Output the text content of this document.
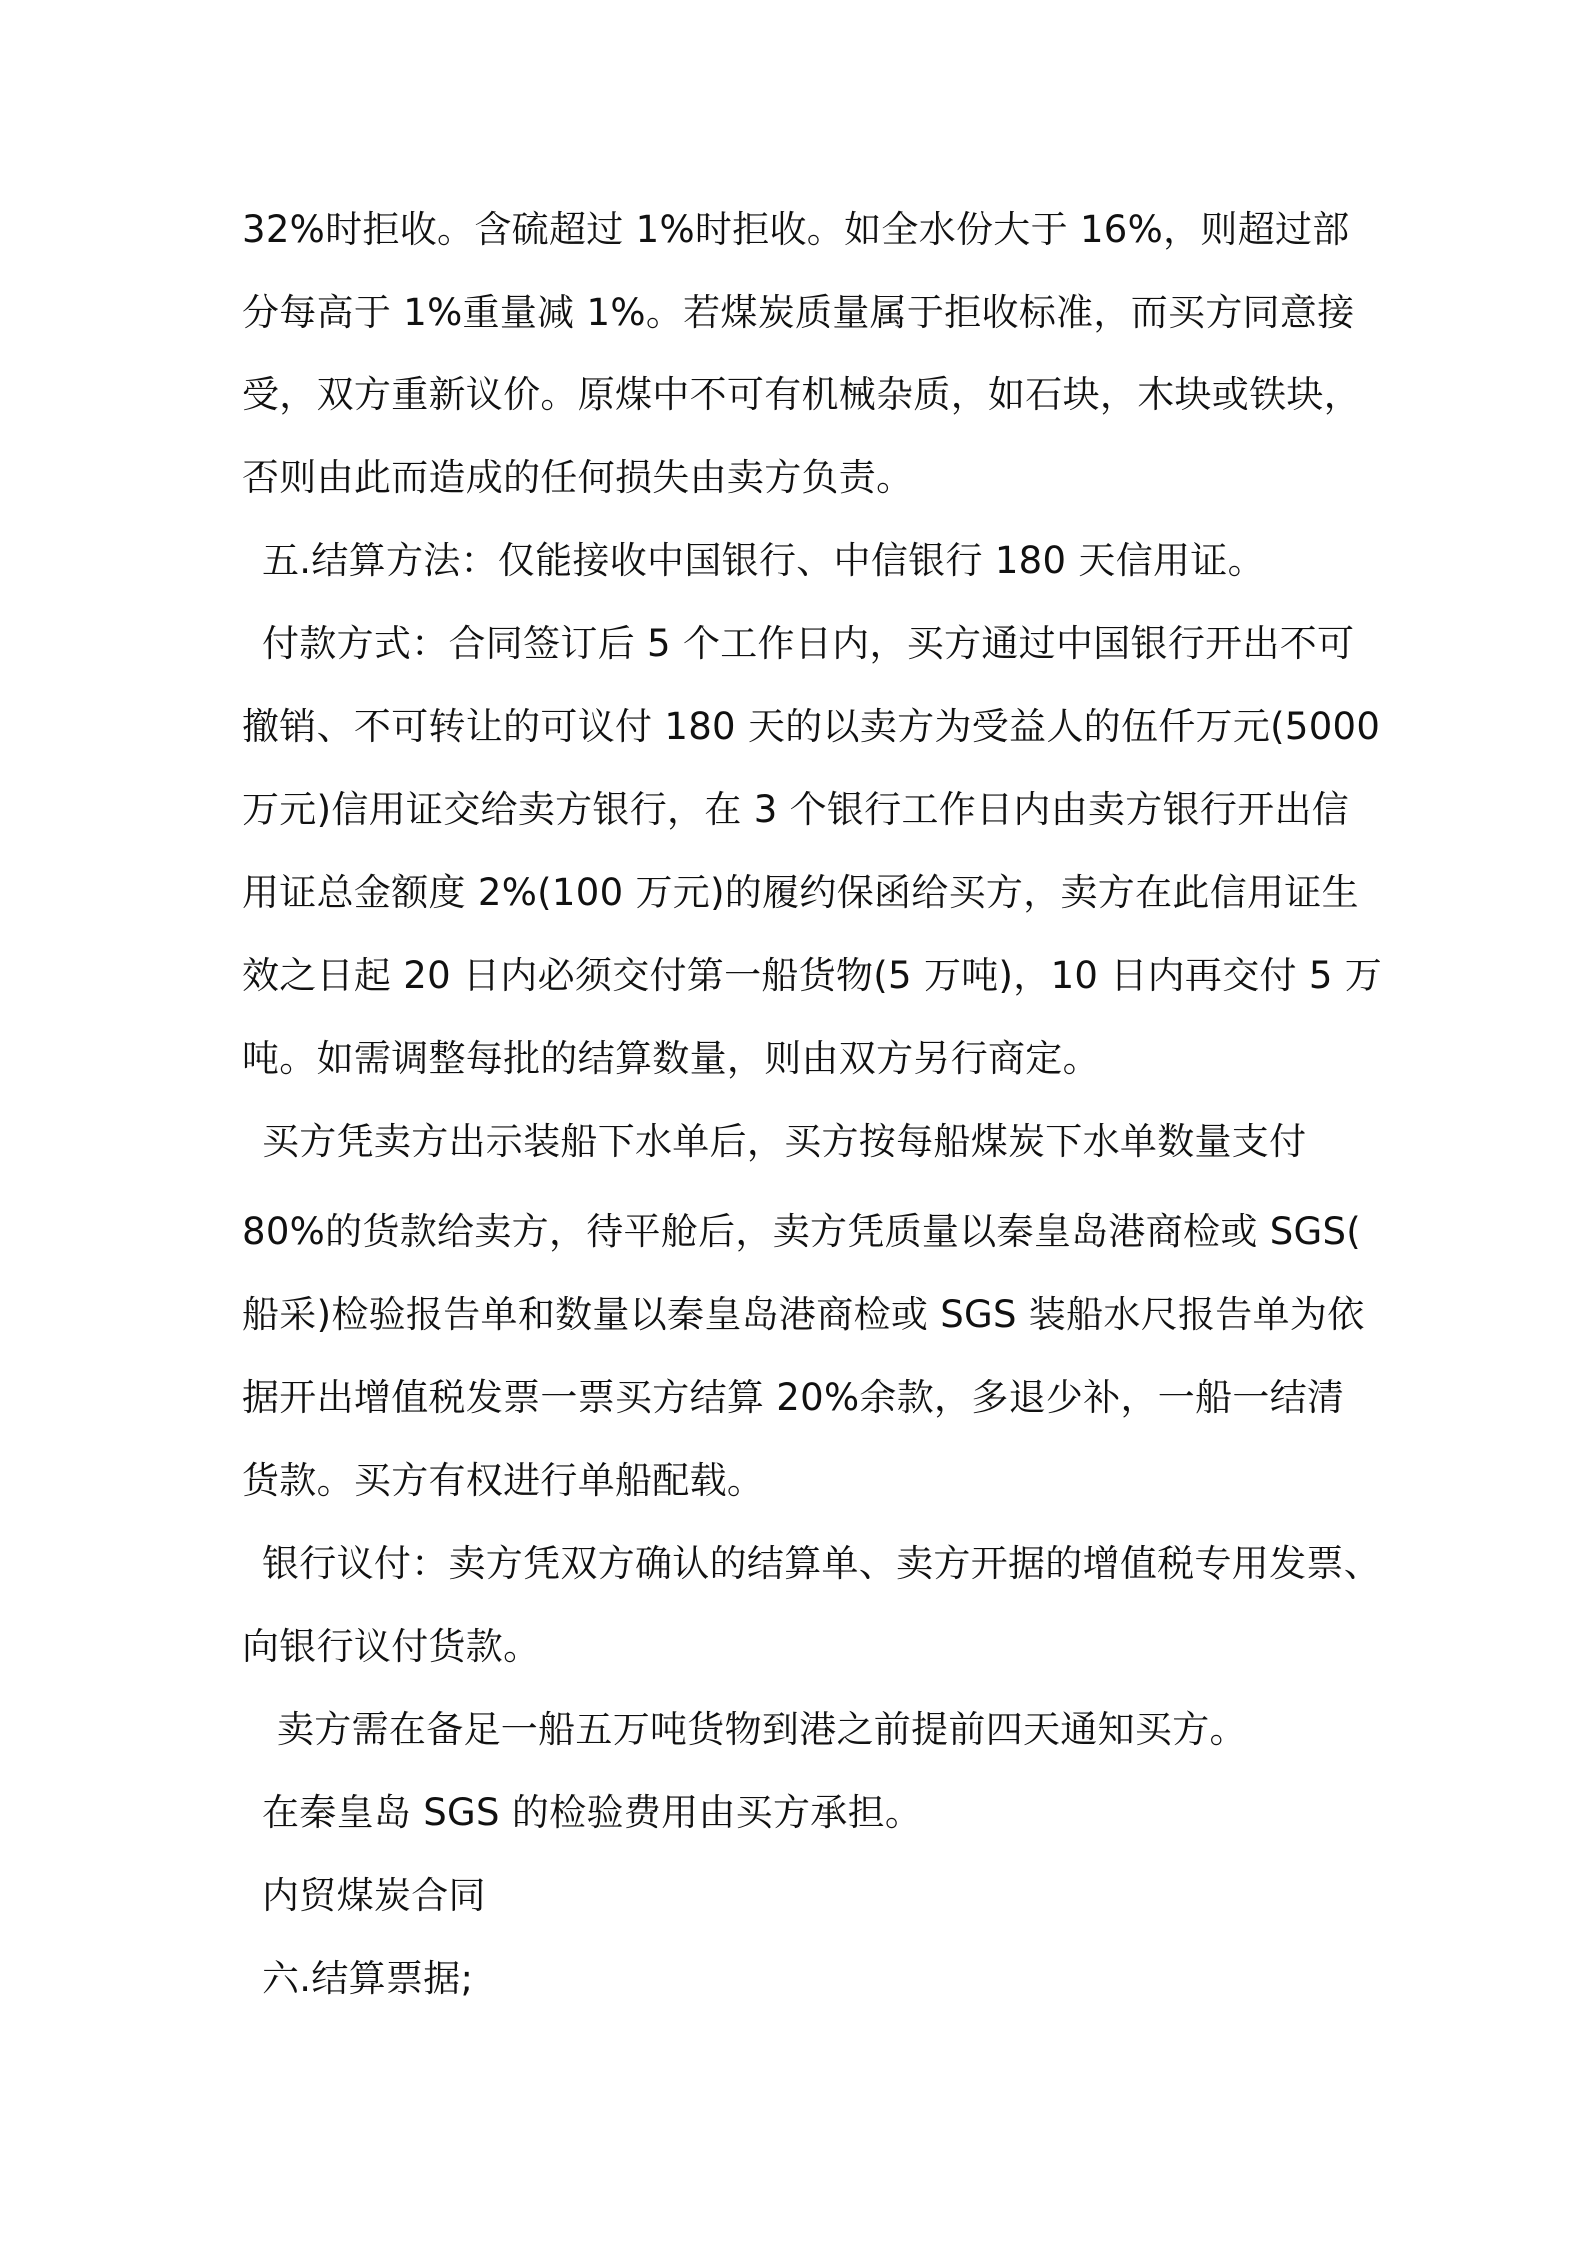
32%时拒收。含硫超过 1%时拒收。如全水份大于 16%，则超过部
分每高于 1%重量减 1%。若煤炭质量属于拒收标准，而买方同意接
受，双方重新议价。原煤中不可有机械杂质，如石块，木块或铁块，
否则由此而造成的任何损失由卖方负责。
五.结算方法：仅能接收中国银行、中信银行 180 天信用证。
付款方式：合同签订后 5 个工作日内，买方通过中国银行开出不可
撤销、不可转让的可议付 180 天的以卖方为受益人的伍仟万元(5000
万元)信用证交给卖方银行，在 3 个银行工作日内由卖方银行开出信
用证总金额度 2%(100 万元)的履约保函给买方，卖方在此信用证生
效之日起 20 日内必须交付第一船货物(5 万吨)，10 日内再交付 5 万
吨。如需调整每批的结算数量，则由双方另行商定。
买方凭卖方出示装船下水单后，买方按每船煤炭下水单数量支付
80%的货款给卖方，待平舱后，卖方凭质量以秦皇岛港商检或 SGS(
船采)检验报告单和数量以秦皇岛港商检或 SGS 装船水尺报告单为依
据开出增值税发票一票买方结算 20%余款，多退少补，一船一结清
货款。买方有权进行单船配载。
银行议付：卖方凭双方确认的结算单、卖方开据的增值税专用发票、
向银行议付货款。
卖方需在备足一船五万吨货物到港之前提前四天通知买方。
在秦皇岛 SGS 的检验费用由买方承担。
内贸煤炭合同
六.结算票据;
